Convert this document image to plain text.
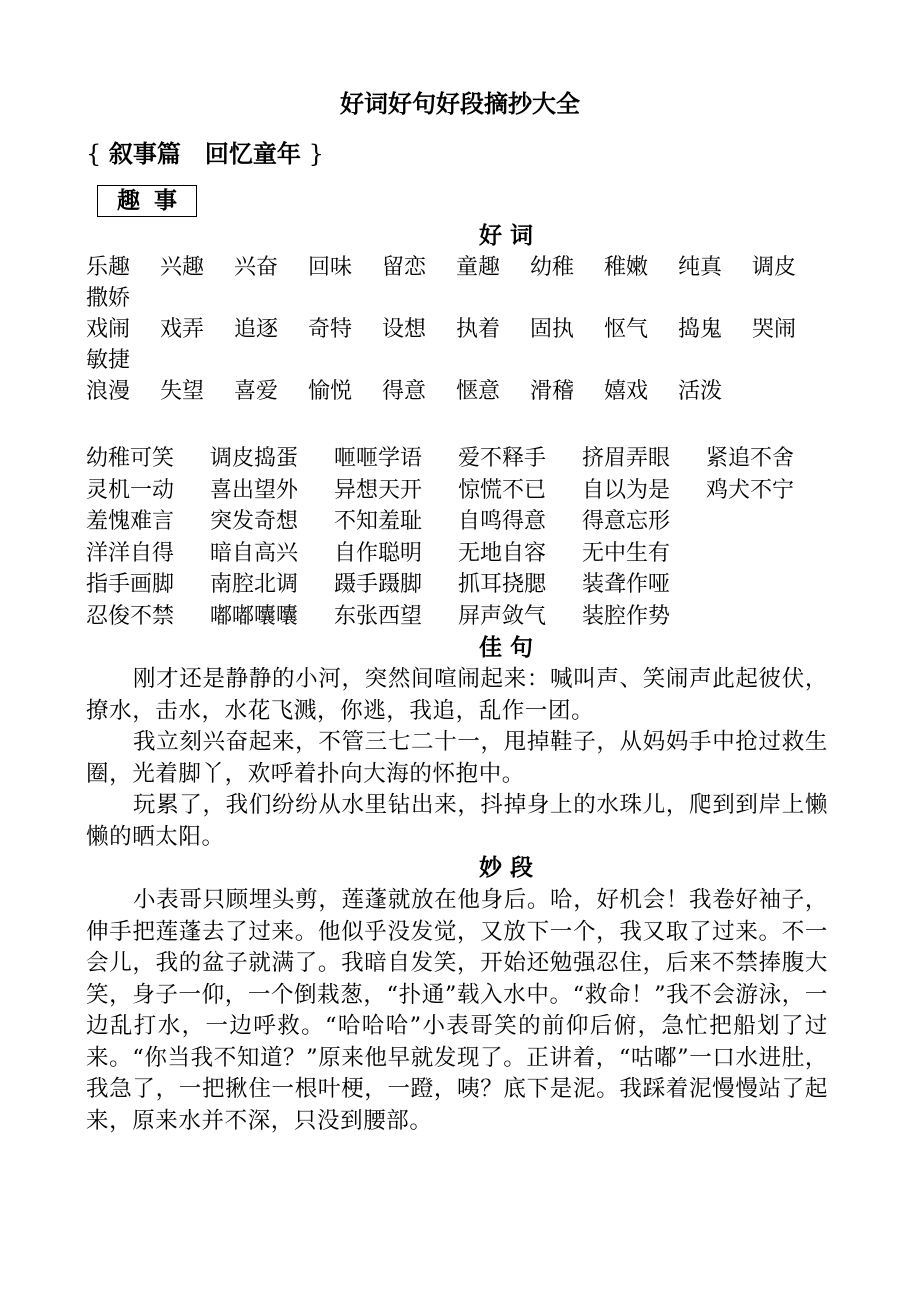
好词好句好段摘抄大全
{ 叙事篇　回忆童年 }
趣事
好词
乐趣	兴趣	兴奋	回味	留恋	童趣	幼稚	稚嫩	纯真	调皮
撒娇
戏闹	戏弄	追逐	奇特	设想	执着	固执	怄气	捣鬼	哭闹
敏捷
浪漫	失望	喜爱	愉悦	得意	惬意	滑稽	嬉戏	活泼
幼稚可笑	调皮捣蛋	咂咂学语	爱不释手	挤眉弄眼	紧追不舍
灵机一动	喜出望外	异想天开	惊慌不已	自以为是	鸡犬不宁
羞愧难言	突发奇想	不知羞耻	自鸣得意	得意忘形
洋洋自得	暗自高兴	自作聪明	无地自容	无中生有
指手画脚	南腔北调	蹑手蹑脚	抓耳挠腮	装聋作哑
忍俊不禁	嘟嘟囔囔	东张西望	屏声敛气	装腔作势
佳句
刚才还是静静的小河，突然间喧闹起来：喊叫声、笑闹声此起彼伏，撩水，击水，水花飞溅，你逃，我追，乱作一团。
我立刻兴奋起来，不管三七二十一，甩掉鞋子，从妈妈手中抢过救生圈，光着脚丫，欢呼着扑向大海的怀抱中。
玩累了，我们纷纷从水里钻出来，抖掉身上的水珠儿，爬到到岸上懒懒的晒太阳。
妙段
小表哥只顾埋头剪，莲蓬就放在他身后。哈，好机会！我卷好袖子，伸手把莲蓬去了过来。他似乎没发觉，又放下一个，我又取了过来。不一会儿，我的盆子就满了。我暗自发笑，开始还勉强忍住，后来不禁捧腹大笑，身子一仰，一个倒栽葱，“扑通”载入水中。“救命！”我不会游泳，一边乱打水，一边呼救。“哈哈哈”小表哥笑的前仰后俯，急忙把船划了过来。“你当我不知道？”原来他早就发现了。正讲着，“咕嘟”一口水进肚，我急了，一把揪住一根叶梗，一蹬，咦？底下是泥。我踩着泥慢慢站了起来，原来水并不深，只没到腰部。
